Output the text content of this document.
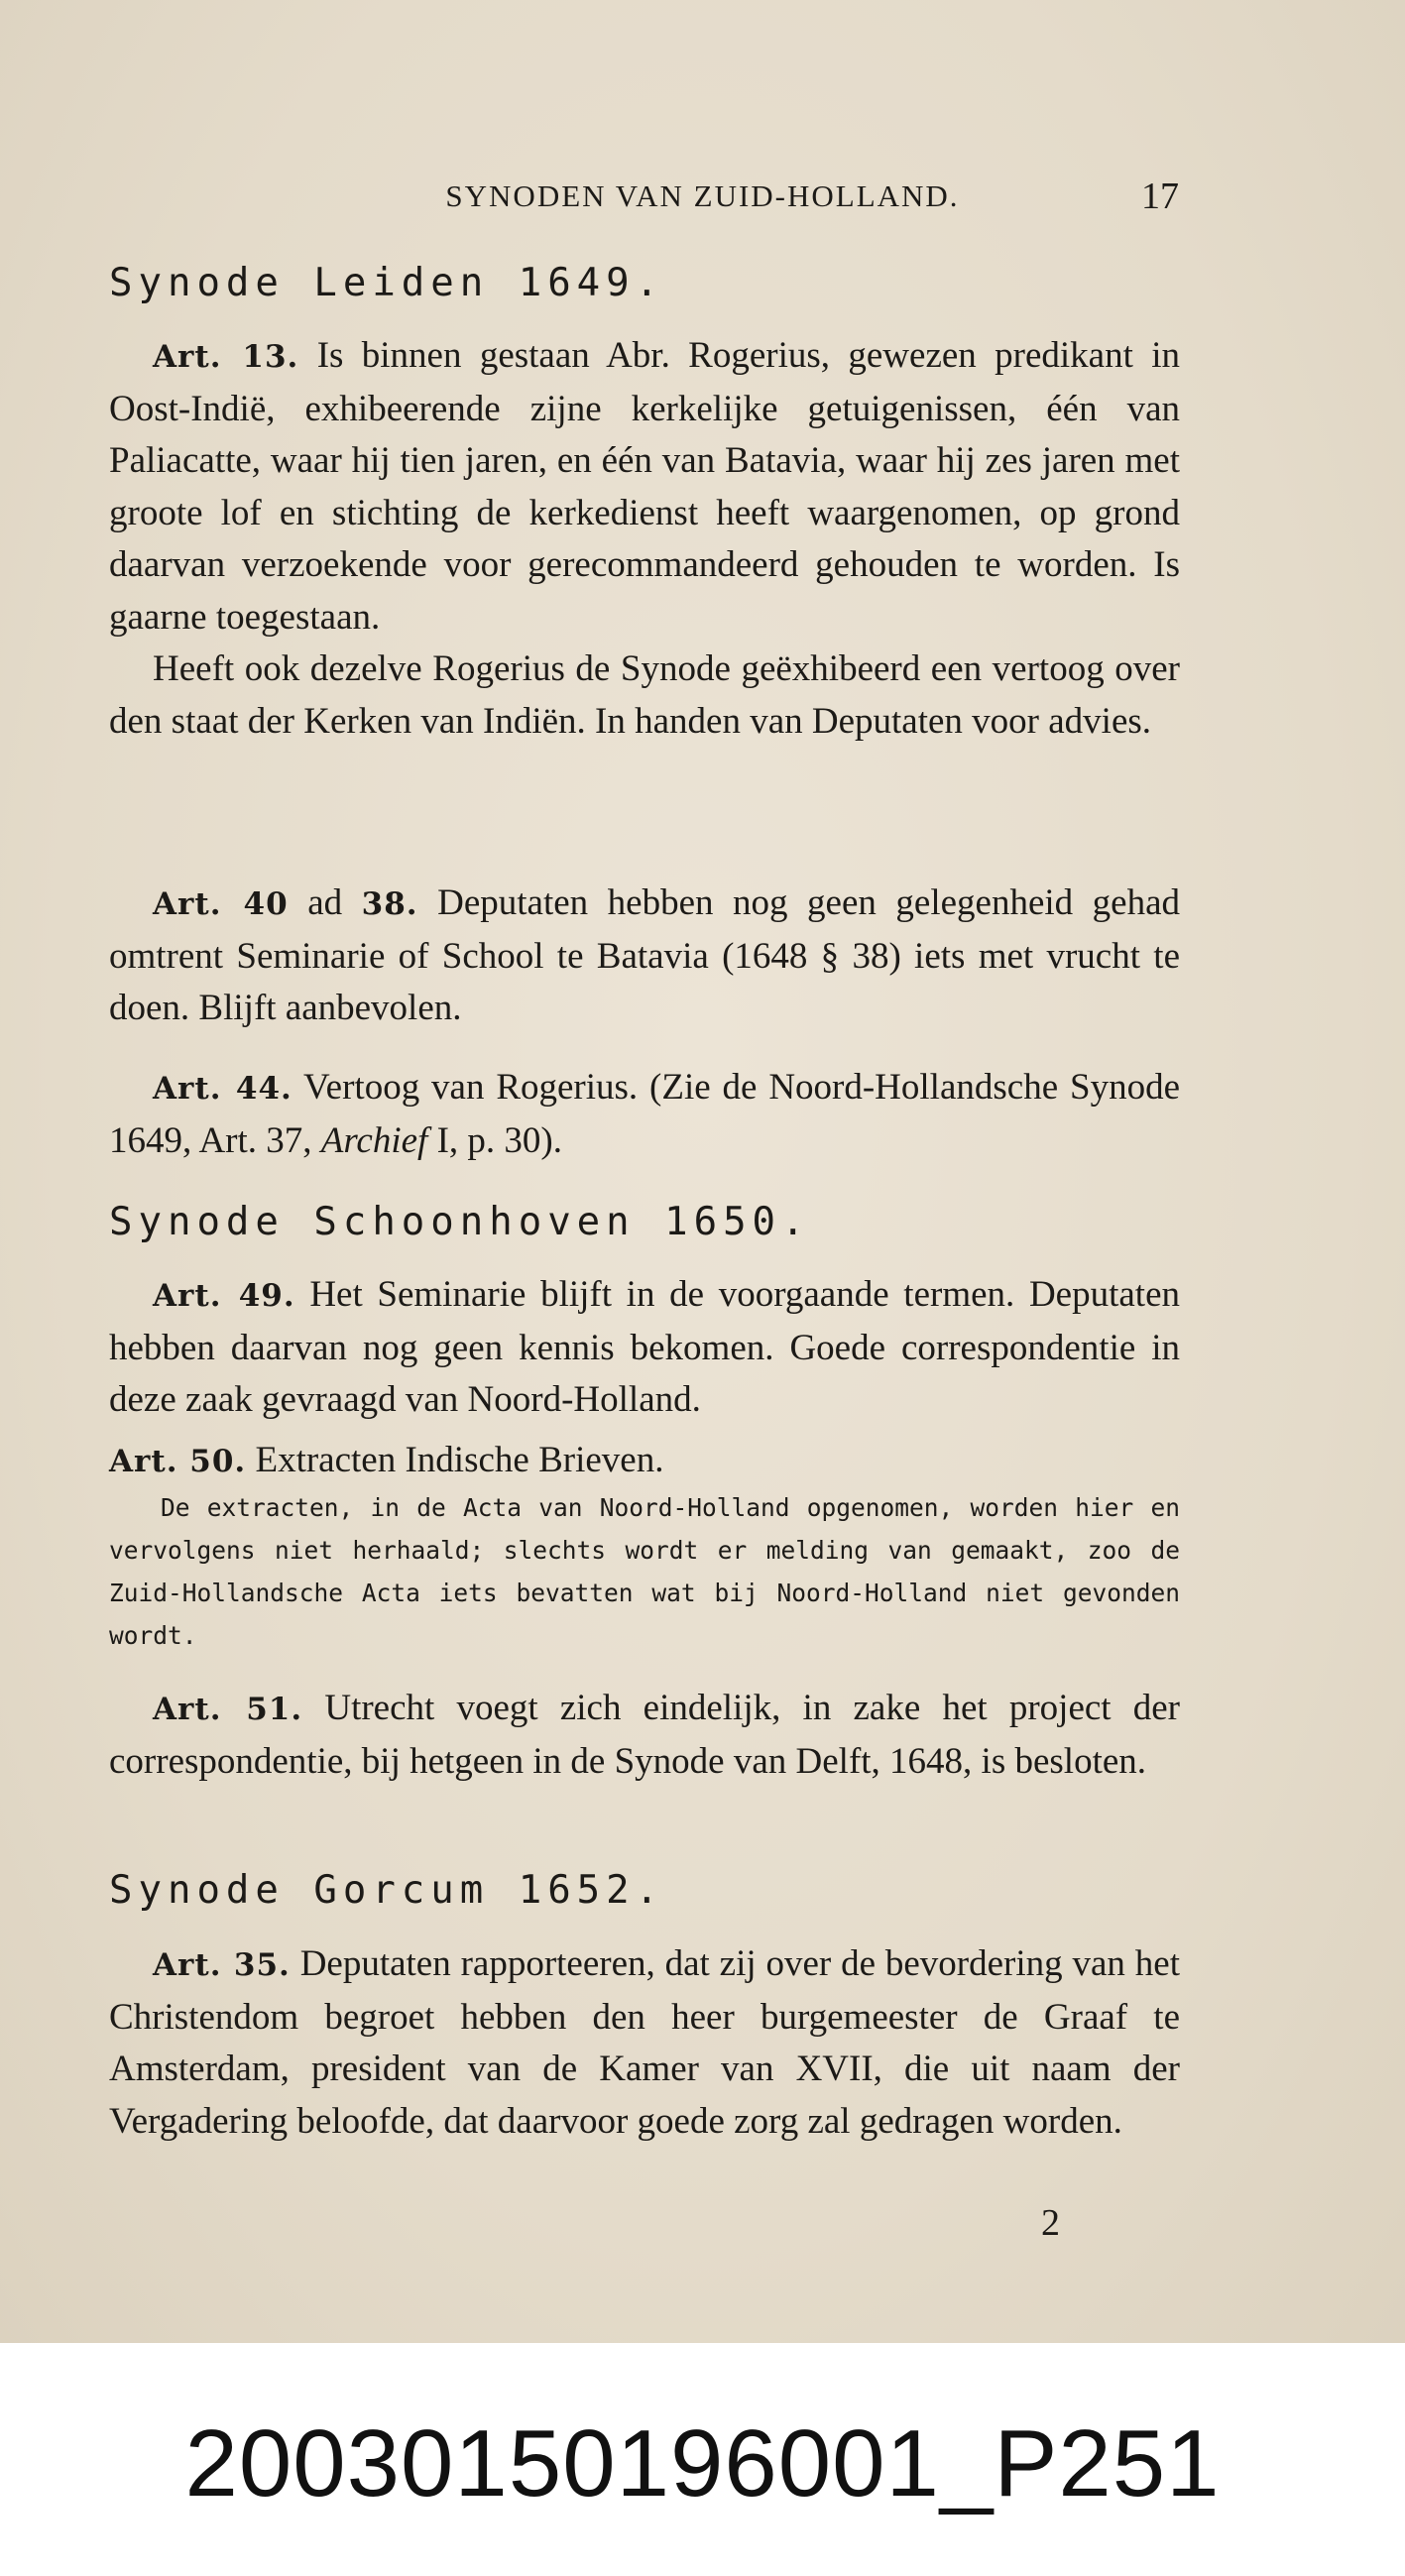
SYNODEN VAN ZUID-HOLLAND.	17
Synode Leiden 1649.
Art. 13. Is binnen gestaan Abr. Rogerius, gewezen predikant in Oost-Indië, exhibeerende zijne kerkelijke getuigenissen, één van Paliacatte, waar hij tien jaren, en één van Batavia, waar hij zes jaren met groote lof en stichting de kerkedienst heeft waargenomen, op grond daarvan verzoekende voor gerecommandeerd gehouden te worden. Is gaarne toegestaan.
Heeft ook dezelve Rogerius de Synode geëxhibeerd een vertoog over den staat der Kerken van Indiën. In handen van Deputaten voor advies.
Art. 40 ad 38. Deputaten hebben nog geen gelegenheid gehad omtrent Seminarie of School te Batavia (1648 § 38) iets met vrucht te doen. Blijft aanbevolen.
Art. 44. Vertoog van Rogerius. (Zie de Noord-Hollandsche Synode 1649, Art. 37, Archief I, p. 30).
Synode Schoonhoven 1650.
Art. 49. Het Seminarie blijft in de voorgaande termen. Deputaten hebben daarvan nog geen kennis bekomen. Goede correspondentie in deze zaak gevraagd van Noord-Holland.
Art. 50. Extracten Indische Brieven.
De extracten, in de Acta van Noord-Holland opgenomen, worden hier en vervolgens niet herhaald; slechts wordt er melding van gemaakt, zoo de Zuid-Hollandsche Acta iets bevatten wat bij Noord-Holland niet gevonden wordt.
Art. 51. Utrecht voegt zich eindelijk, in zake het project der correspondentie, bij hetgeen in de Synode van Delft, 1648, is besloten.
Synode Gorcum 1652.
Art. 35. Deputaten rapporteeren, dat zij over de bevordering van het Christendom begroet hebben den heer burgemeester de Graaf te Amsterdam, president van de Kamer van XVII, die uit naam der Vergadering beloofde, dat daarvoor goede zorg zal gedragen worden.
2
20030150196001_P251
